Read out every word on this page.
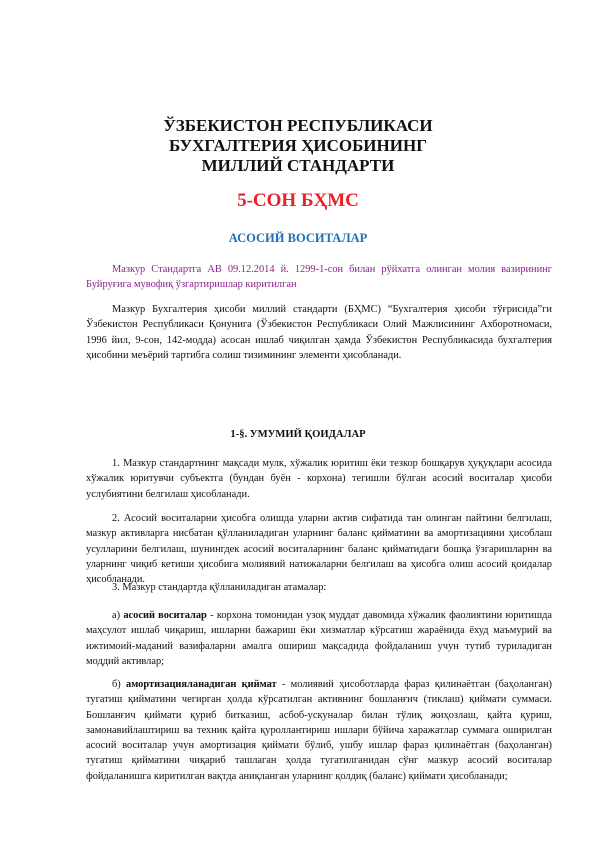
ЎЗБЕКИСТОН РЕСПУБЛИКАСИ
БУХГАЛТЕРИЯ ҲИСОБИНИНГ
МИЛЛИЙ СТАНДАРТИ
5-СОН БҲМС
АСОСИЙ ВОСИТАЛАР

Мазкур Стандартга АВ 09.12.2014 й. 1299-1-сон билан рўйхатга олинган молия вазирининг Буйруғига мувофиқ ўзгартиришлар киритилган

Мазкур Бухгалтерия ҳисоби миллий стандарти (БҲМС) “Бухгалтерия ҳисоби тўғрисида”ги Ўзбекистон Республикаси Қонунига (Ўзбекистон Республикаси Олий Мажлисининг Ахборотномаси, 1996 йил, 9-сон, 142-модда) асосан ишлаб чиқилган ҳамда Ўзбекистон Республикасида бухгалтерия ҳисобини меъёрий тартибга солиш тизимининг элементи ҳисобланади.

1-§. УМУМИЙ ҚОИДАЛАР

1. Мазкур стандартнинг мақсади мулк, хўжалик юритиш ёки тезкор бошқарув ҳуқуқлари асосида хўжалик юритувчи субъектга (бундан буён - корхона) тегишли бўлган асосий воситалар ҳисоби услубиятини белгилаш ҳисобланади.

2. Асосий воситаларни ҳисобга олишда уларни актив сифатида тан олинган пайтини белгилаш, мазкур активларга нисбатан қўлланиладиган уларнинг баланс қийматини ва амортизацияни ҳисоблаш усулларини белгилаш, шунингдек асосий воситаларнинг баланс қийматидаги бошқа ўзгаришларнн ва уларнинг чиқиб кетиши ҳисобига молиявий натижаларни белгилаш ва ҳисобга олиш асосий қоидалар ҳисобланади.

3. Мазкур стандартда қўлланиладиган атамалар:

а) асосий воситалар - корхона томонидан узоқ муддат давомида хўжалик фаолиятини юритишда маҳсулот ишлаб чиқариш, ишларни бажариш ёки хизматлар кўрсатиш жараёнида ёхуд маъмурий ва ижтимоий-маданий вазифаларни амалга ошириш мақсадида фойдаланиш учун тутиб туриладиган моддий активлар;

б) амортизацияланадиган қиймат - молиявий ҳисоботларда фараз қилинаётган (баҳоланган) тугатиш қийматини чегирган ҳолда кўрсатилган активнинг бошланғич (тиклаш) қиймати суммаси. Бошланғич қиймати қуриб битказиш, асбоб-ускуналар билан тўлиқ жиҳозлаш, қайта қуриш, замонавийлаштириш ва техник қайта қуроллантириш ишлари бўйича харажатлар суммага оширилган асосий воситалар учун амортизация қиймати бўлиб, ушбу ишлар фараз қилинаётган (баҳоланган) тугатиш қийматини чиқариб ташлаган ҳолда тугатилганидан сўнг мазкур асосий воситалар фойдаланишга киритилган вақтда аниқланган уларнинг қолдиқ (баланс) қиймати ҳисобланади;
